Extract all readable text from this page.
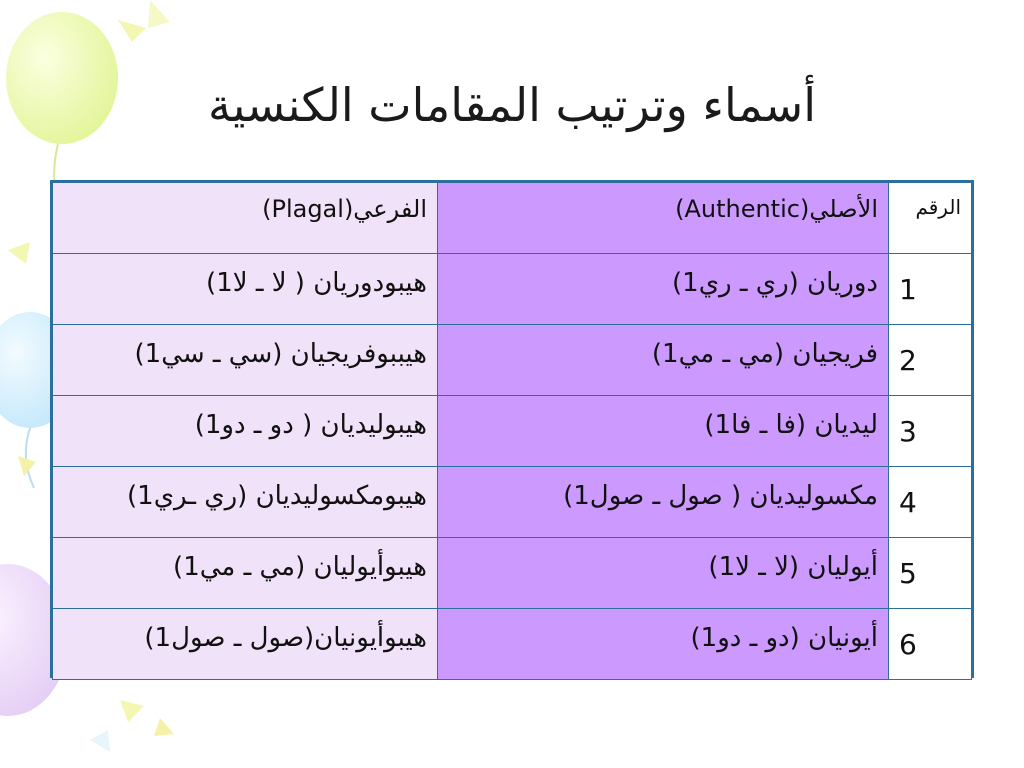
أسماء وترتيب المقامات الكنسية
الرقم	الأصلي(Authentic)	الفرعي(Plagal)
1	دوريان (ري ـ ري1)	هيبودوريان ( لا ـ لا1)
2	فريجيان (مي ـ مي1)	هيببوفريجيان (سي ـ سي1)
3	ليديان (فا ـ فا1)	هيبوليديان ( دو ـ دو1)
4	مكسوليديان ( صول ـ صول1)	هيبومكسوليديان (ري ـري1)
5	أيوليان (لا ـ لا1)	هيبوأيوليان (مي ـ مي1)
6	أيونيان (دو ـ دو1)	هيبوأيونيان(صول ـ صول1)
